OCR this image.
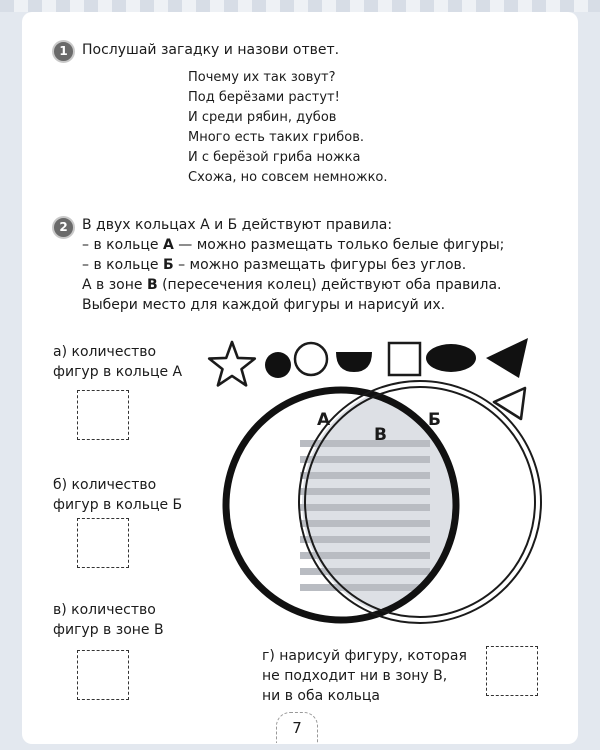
1	Послушай загадку и назови ответ.
Почему их так зовут?
Под берёзами растут!
И среди рябин, дубов
Много есть таких грибов.
И с берёзой гриба ножка
Схожа, но совсем немножко.
2	В двух кольцах А и Б действуют правила:
– в кольце А — можно размещать только белые фигуры;
– в кольце Б – можно размещать фигуры без углов.
А в зоне В (пересечения колец) действуют оба правила.
Выбери место для каждой фигуры и нарисуй их.
а) количество
фигур в кольце А
б) количество
фигур в кольце Б
в) количество
фигур в зоне В
г) нарисуй фигуру, которая
не подходит ни в зону В,
ни в оба кольца
А
В
Б
7
